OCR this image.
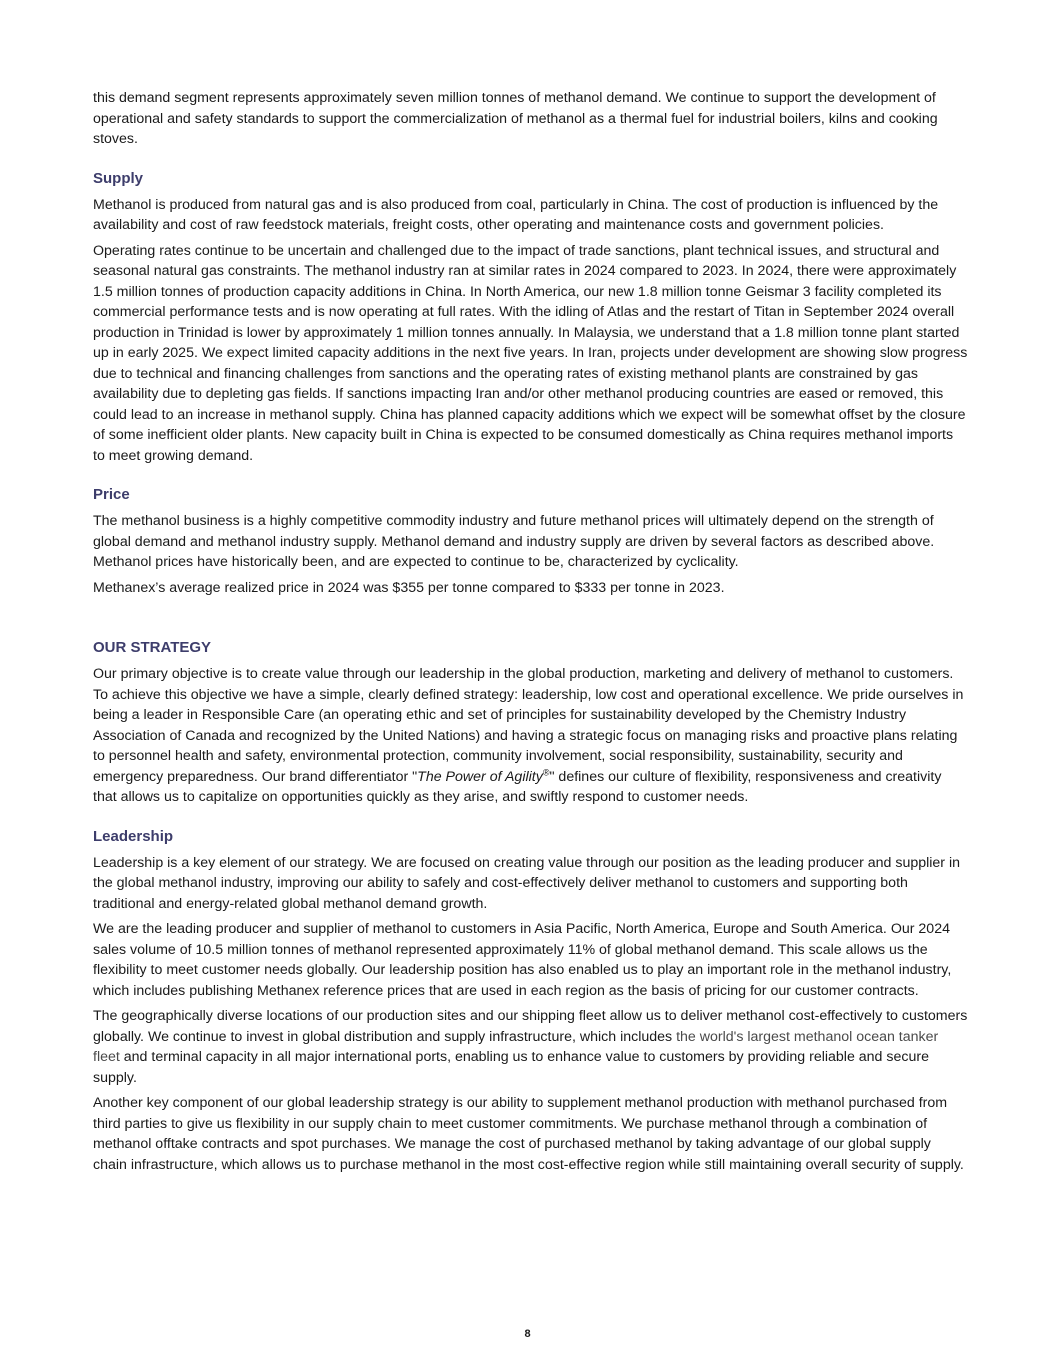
this demand segment represents approximately seven million tonnes of methanol demand. We continue to support the development of operational and safety standards to support the commercialization of methanol as a thermal fuel for industrial boilers, kilns and cooking stoves.

Supply

Methanol is produced from natural gas and is also produced from coal, particularly in China. The cost of production is influenced by the availability and cost of raw feedstock materials, freight costs, other operating and maintenance costs and government policies.

Operating rates continue to be uncertain and challenged due to the impact of trade sanctions, plant technical issues, and structural and seasonal natural gas constraints. The methanol industry ran at similar rates in 2024 compared to 2023. In 2024, there were approximately 1.5 million tonnes of production capacity additions in China. In North America, our new 1.8 million tonne Geismar 3 facility completed its commercial performance tests and is now operating at full rates. With the idling of Atlas and the restart of Titan in September 2024 overall production in Trinidad is lower by approximately 1 million tonnes annually. In Malaysia, we understand that a 1.8 million tonne plant started up in early 2025. We expect limited capacity additions in the next five years. In Iran, projects under development are showing slow progress due to technical and financing challenges from sanctions and the operating rates of existing methanol plants are constrained by gas availability due to depleting gas fields. If sanctions impacting Iran and/or other methanol producing countries are eased or removed, this could lead to an increase in methanol supply. China has planned capacity additions which we expect will be somewhat offset by the closure of some inefficient older plants. New capacity built in China is expected to be consumed domestically as China requires methanol imports to meet growing demand.

Price

The methanol business is a highly competitive commodity industry and future methanol prices will ultimately depend on the strength of global demand and methanol industry supply. Methanol demand and industry supply are driven by several factors as described above. Methanol prices have historically been, and are expected to continue to be, characterized by cyclicality.

Methanex’s average realized price in 2024 was $355 per tonne compared to $333 per tonne in 2023.

OUR STRATEGY

Our primary objective is to create value through our leadership in the global production, marketing and delivery of methanol to customers. To achieve this objective we have a simple, clearly defined strategy: leadership, low cost and operational excellence. We pride ourselves in being a leader in Responsible Care (an operating ethic and set of principles for sustainability developed by the Chemistry Industry Association of Canada and recognized by the United Nations) and having a strategic focus on managing risks and proactive plans relating to personnel health and safety, environmental protection, community involvement, social responsibility, sustainability, security and emergency preparedness. Our brand differentiator "The Power of Agility®" defines our culture of flexibility, responsiveness and creativity that allows us to capitalize on opportunities quickly as they arise, and swiftly respond to customer needs.

Leadership

Leadership is a key element of our strategy. We are focused on creating value through our position as the leading producer and supplier in the global methanol industry, improving our ability to safely and cost-effectively deliver methanol to customers and supporting both traditional and energy-related global methanol demand growth.

We are the leading producer and supplier of methanol to customers in Asia Pacific, North America, Europe and South America. Our 2024 sales volume of 10.5 million tonnes of methanol represented approximately 11% of global methanol demand. This scale allows us the flexibility to meet customer needs globally. Our leadership position has also enabled us to play an important role in the methanol industry, which includes publishing Methanex reference prices that are used in each region as the basis of pricing for our customer contracts.

The geographically diverse locations of our production sites and our shipping fleet allow us to deliver methanol cost-effectively to customers globally. We continue to invest in global distribution and supply infrastructure, which includes the world's largest methanol ocean tanker fleet and terminal capacity in all major international ports, enabling us to enhance value to customers by providing reliable and secure supply.

Another key component of our global leadership strategy is our ability to supplement methanol production with methanol purchased from third parties to give us flexibility in our supply chain to meet customer commitments. We purchase methanol through a combination of methanol offtake contracts and spot purchases. We manage the cost of purchased methanol by taking advantage of our global supply chain infrastructure, which allows us to purchase methanol in the most cost-effective region while still maintaining overall security of supply.

8
